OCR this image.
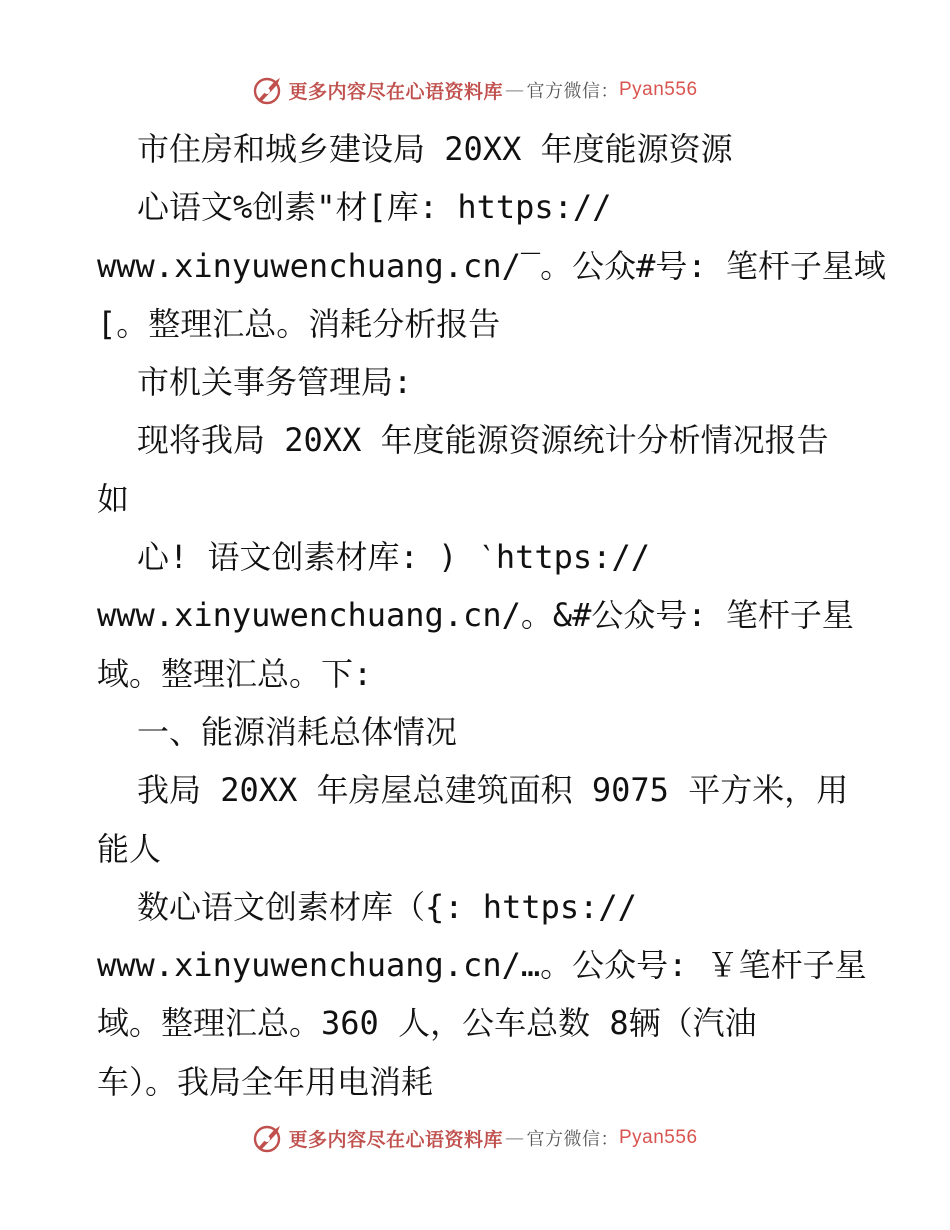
更多内容尽在心语资料库 — 官方微信： Pyan556
市住房和城乡建设局 20XX 年度能源资源
心语文%创素"材[库: https://
www.xinyuwenchuang.cn/‾。公众#号: 笔杆子星域
[。整理汇总。消耗分析报告
市机关事务管理局:
现将我局 20XX 年度能源资源统计分析情况报告
如
心! 语文创素材库: ) ‵https://
www.xinyuwenchuang.cn/。&#公众号: 笔杆子星
域。整理汇总。下:
一、能源消耗总体情况
我局 20XX 年房屋总建筑面积 9075 平方米，用
能人
数心语文创素材库（{: https://
www.xinyuwenchuang.cn/…。公众号: ￥笔杆子星
域。整理汇总。360 人，公车总数 8辆（汽油
车）。我局全年用电消耗
更多内容尽在心语资料库 — 官方微信： Pyan556
